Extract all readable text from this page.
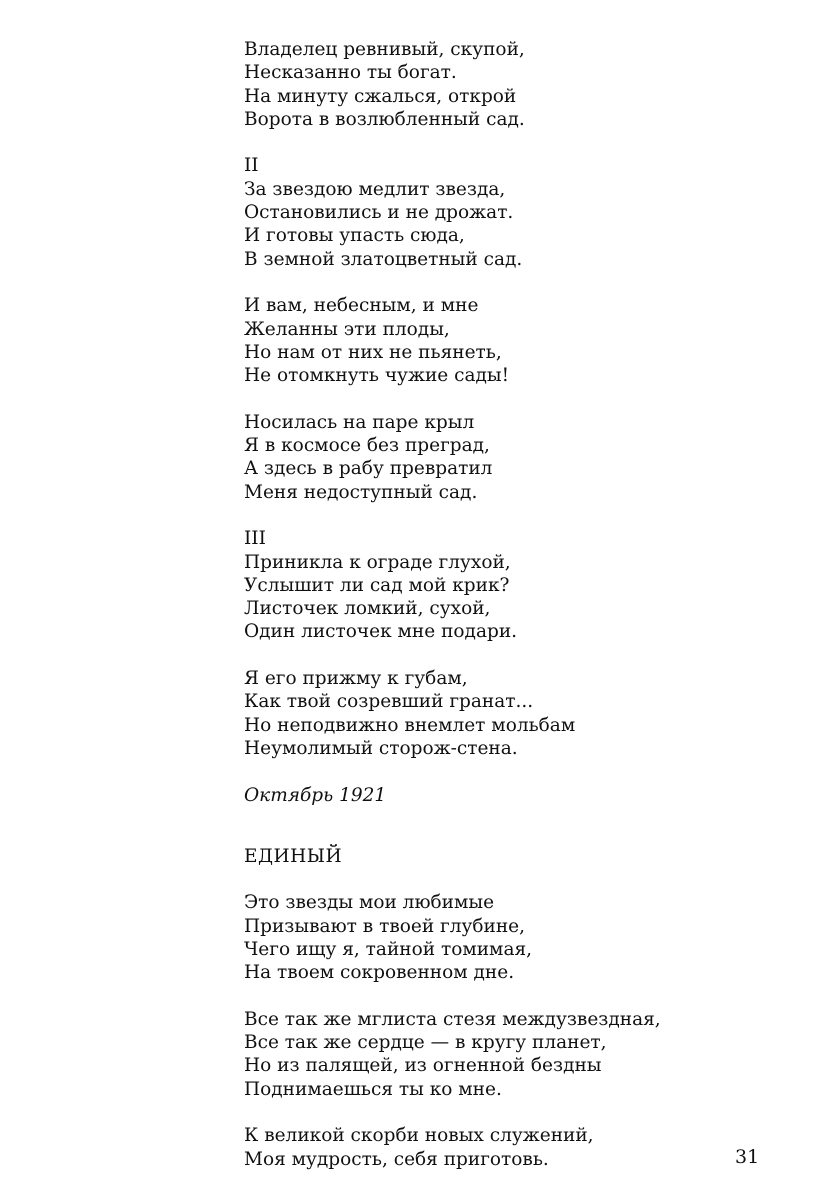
Владелец ревнивый, скупой,
Несказанно ты богат.
На минуту сжалься, открой
Ворота в возлюбленный сад.
II
За звездою медлит звезда,
Остановились и не дрожат.
И готовы упасть сюда,
В земной златоцветный сад.
И вам, небесным, и мне
Желанны эти плоды,
Но нам от них не пьянеть,
Не отомкнуть чужие сады!
Носилась на паре крыл
Я в космосе без преград,
А здесь в рабу превратил
Меня недоступный сад.
III
Приникла к ограде глухой,
Услышит ли сад мой крик?
Листочек ломкий, сухой,
Один листочек мне подари.
Я его прижму к губам,
Как твой созревший гранат...
Но неподвижно внемлет мольбам
Неумолимый сторож-стена.
Октябрь 1921
ЕДИНЫЙ
Это звезды мои любимые
Призывают в твоей глубине,
Чего ищу я, тайной томимая,
На твоем сокровенном дне.
Все так же мглиста стезя междузвездная,
Все так же сердце — в кругу планет,
Но из палящей, из огненной бездны
Поднимаешься ты ко мне.
К великой скорби новых служений,
Моя мудрость, себя приготовь.	31
